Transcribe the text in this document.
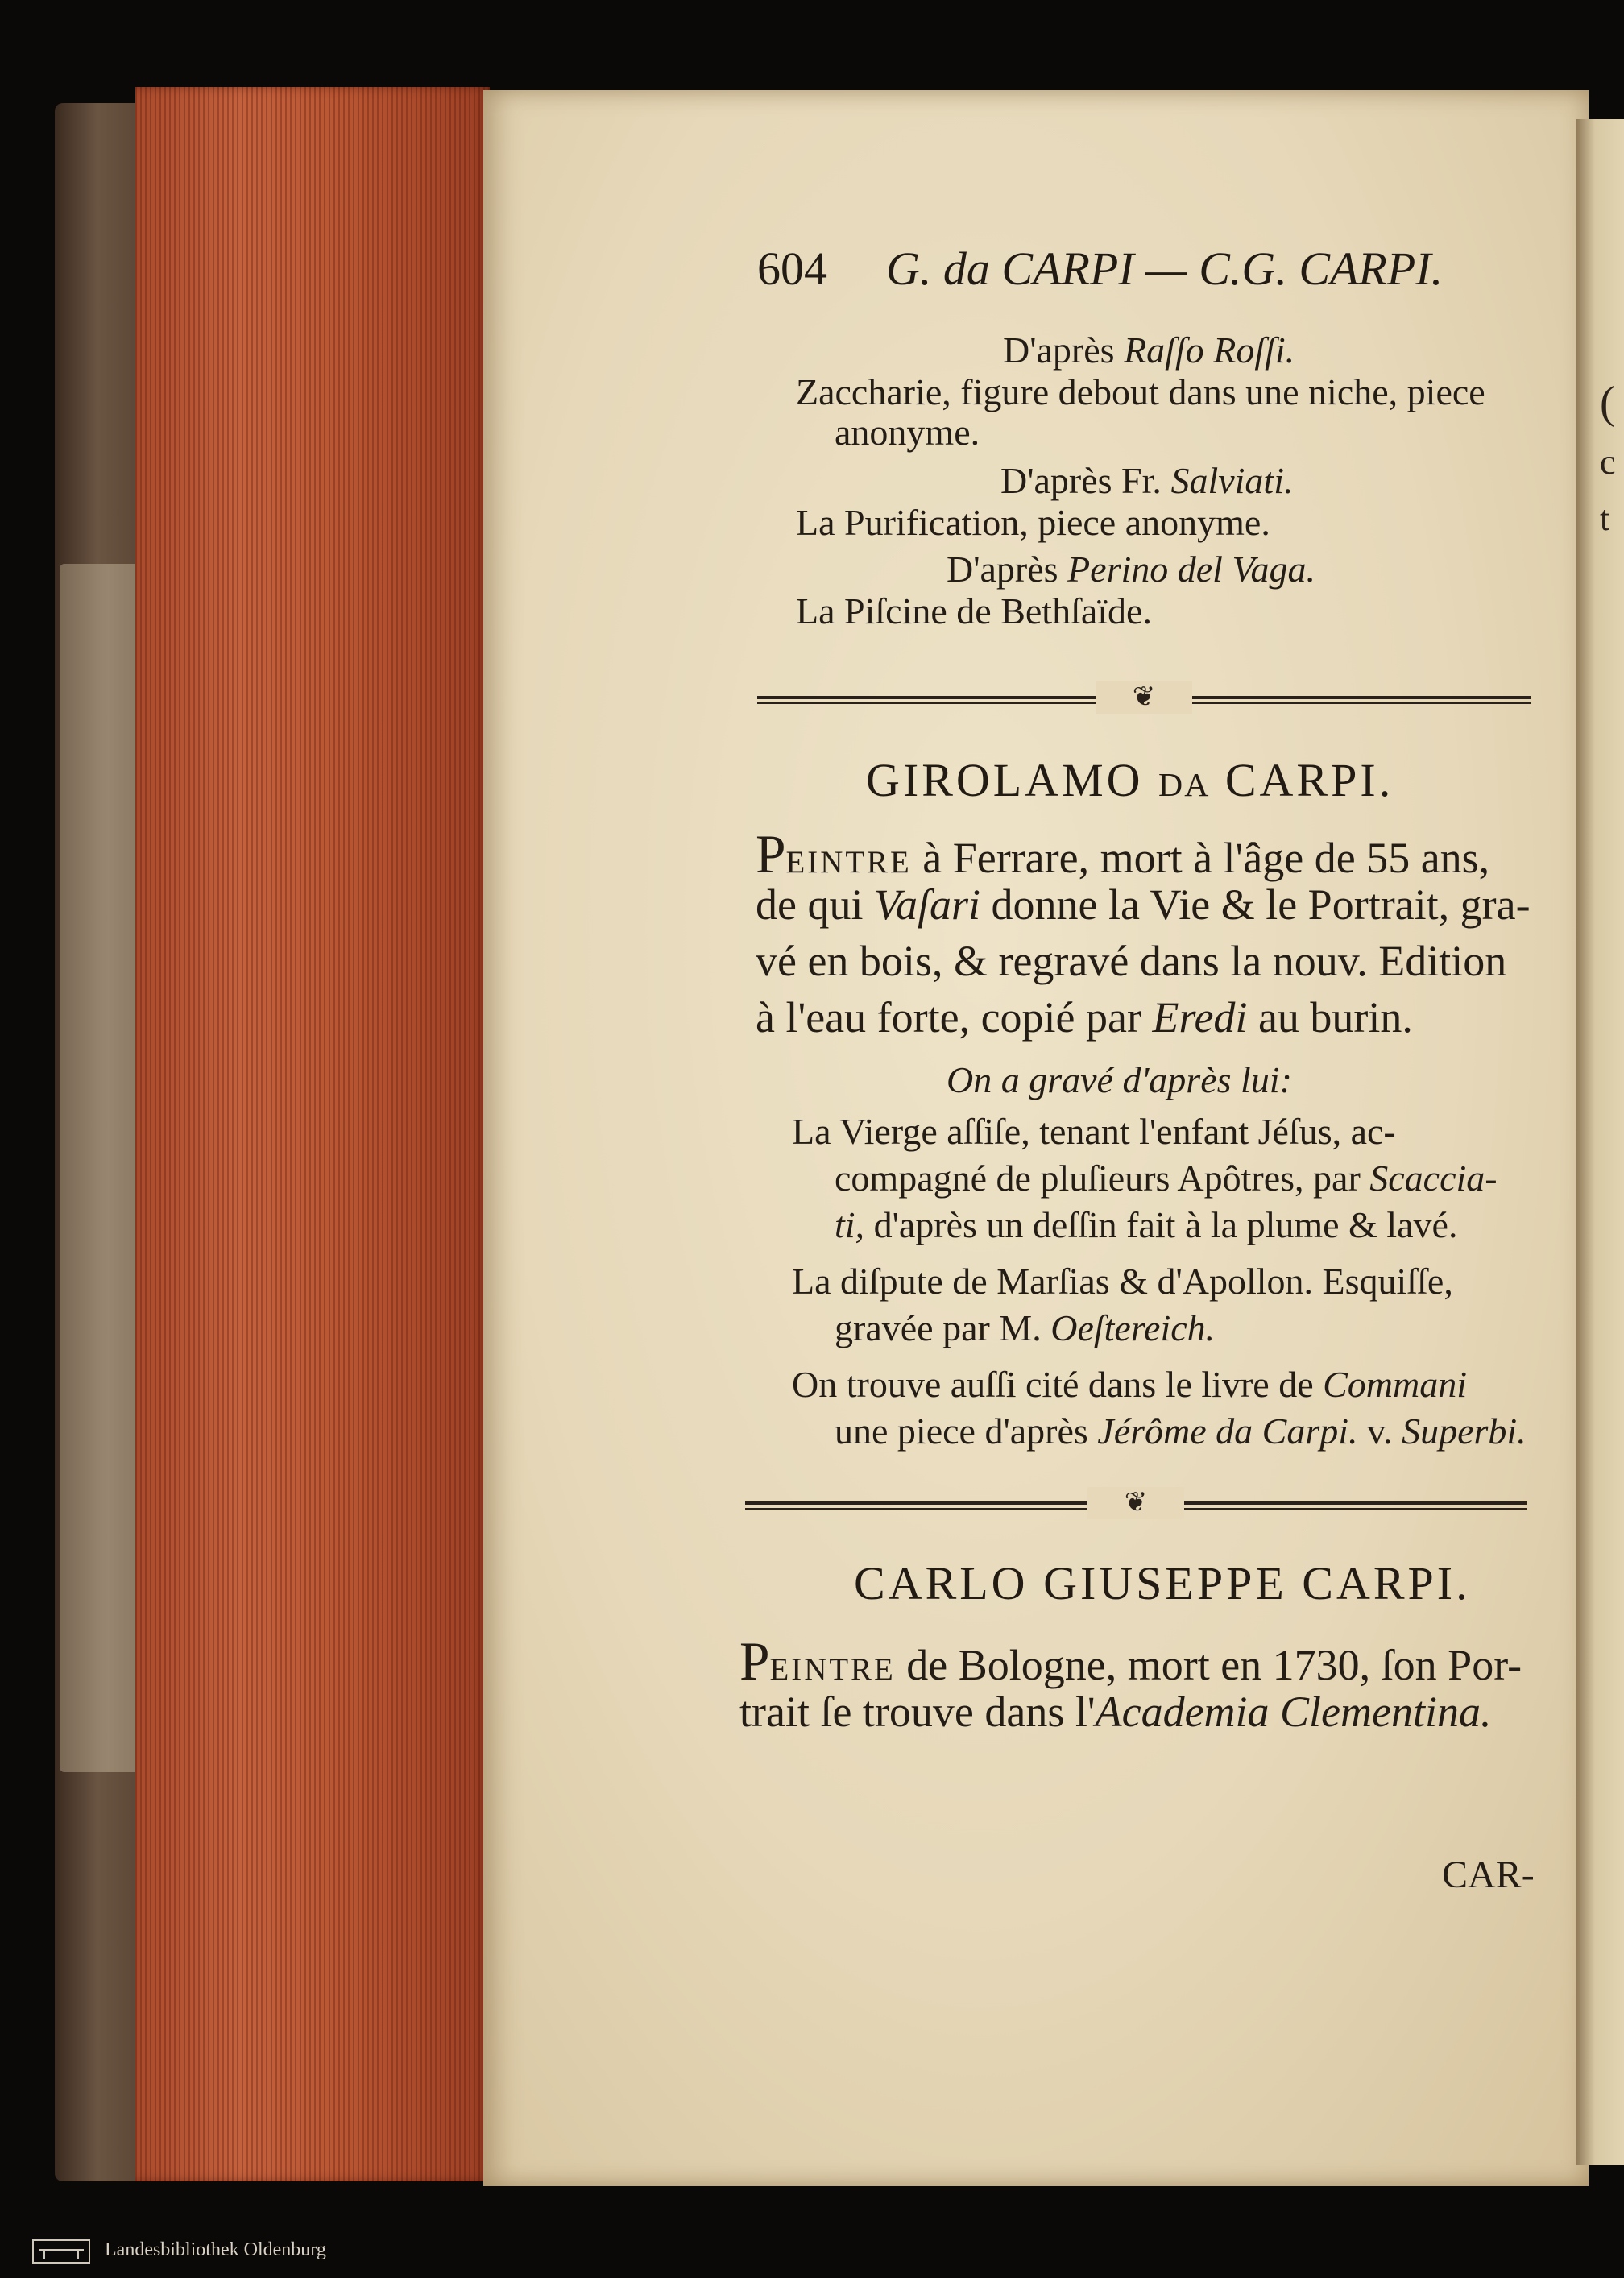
(
c
t
604 G. da CARPI — C.G. CARPI.
D'après Raſſo Roſſi.
Zaccharie, figure debout dans une niche, piece
anonyme.
D'après Fr. Salviati.
La Purification, piece anonyme.
D'après Perino del Vaga.
La Piſcine de Bethſaïde.
❦
GIROLAMO DA CARPI.
PEINTRE à Ferrare, mort à l'âge de 55 ans,
de qui Vaſari donne la Vie & le Portrait, gra-
vé en bois, & regravé dans la nouv. Edition
à l'eau forte, copié par Eredi au burin.
On a gravé d'après lui:
La Vierge aſſiſe, tenant l'enfant Jéſus, ac-
compagné de pluſieurs Apôtres, par Scaccia-
ti, d'après un deſſin fait à la plume & lavé.
La diſpute de Marſias & d'Apollon. Esquiſſe,
gravée par M. Oeſtereich.
On trouve auſſi cité dans le livre de Commani
une piece d'après Jérôme da Carpi. v. Superbi.
❦
CARLO GIUSEPPE CARPI.
PEINTRE de Bologne, mort en 1730, ſon Por-
trait ſe trouve dans l'Academia Clementina.
CAR-
Landesbibliothek Oldenburg
